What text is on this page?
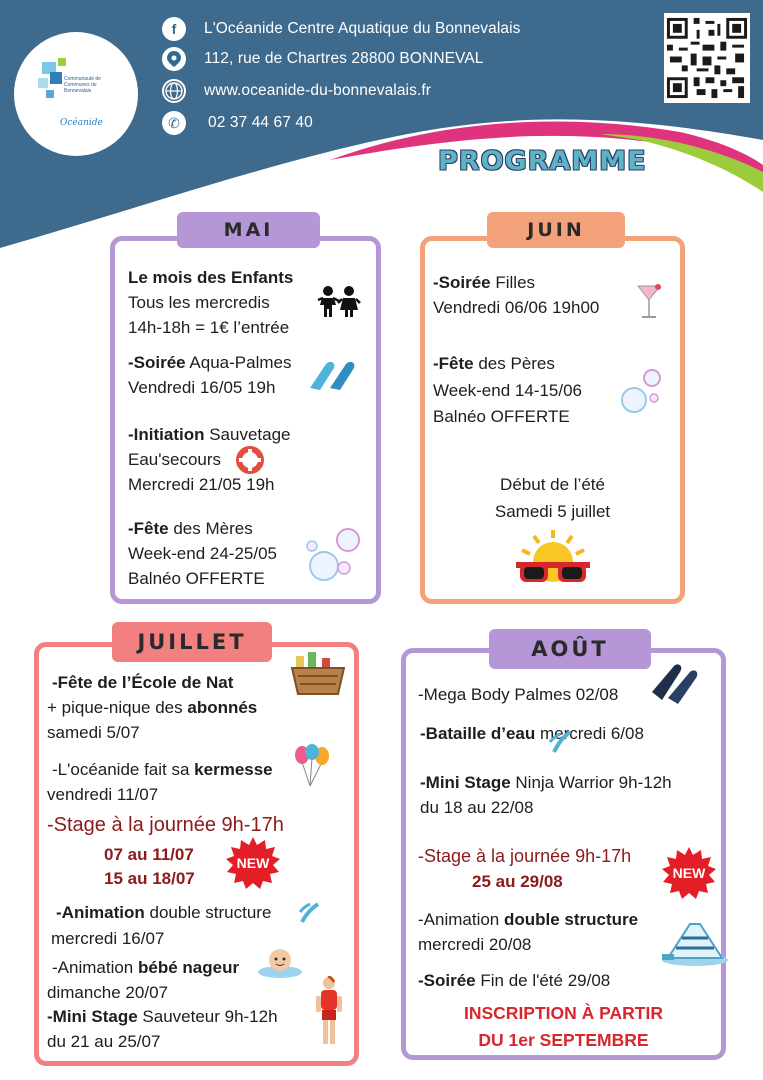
Communauté de Communes du Bonnevalais
Océanide
f	L'Océanide Centre Aquatique du Bonnevalais
112, rue de Chartres 28800 BONNEVAL
www.oceanide-du-bonnevalais.fr
✆	02 37 44 67 40
PROGRAMME
MAI
Le mois des Enfants
Tous les mercredis
14h-18h = 1€ l’entrée
-Soirée Aqua-Palmes
Vendredi 16/05 19h
-Initiation Sauvetage
Eau'secours
Mercredi 21/05 19h
-Fête des Mères
Week-end 24-25/05
Balnéo OFFERTE
JUIN
-Soirée Filles
Vendredi 06/06 19h00
-Fête des Pères
Week-end 14-15/06
Balnéo OFFERTE
Début de l’été
Samedi 5 juillet
JUILLET
-Fête de l’École de Nat
+ pique-nique des abonnés
samedi 5/07
-L'océanide fait sa kermesse
vendredi 11/07
-Stage à la journée 9h-17h
07 au 11/07
15 au 18/07
-Animation double structure
mercredi 16/07
-Animation bébé nageur
dimanche 20/07
-Mini Stage Sauveteur 9h-12h
du 21 au 25/07
NEW
AOÛT
-Mega Body Palmes 02/08
-Bataille d’eau mercredi 6/08
-Mini Stage Ninja Warrior 9h-12h
du 18 au 22/08
-Stage à la journée 9h-17h
25 au 29/08
-Animation double structure
mercredi 20/08
-Soirée Fin de l'été 29/08
INSCRIPTION À PARTIR
DU 1er SEPTEMBRE
NEW
